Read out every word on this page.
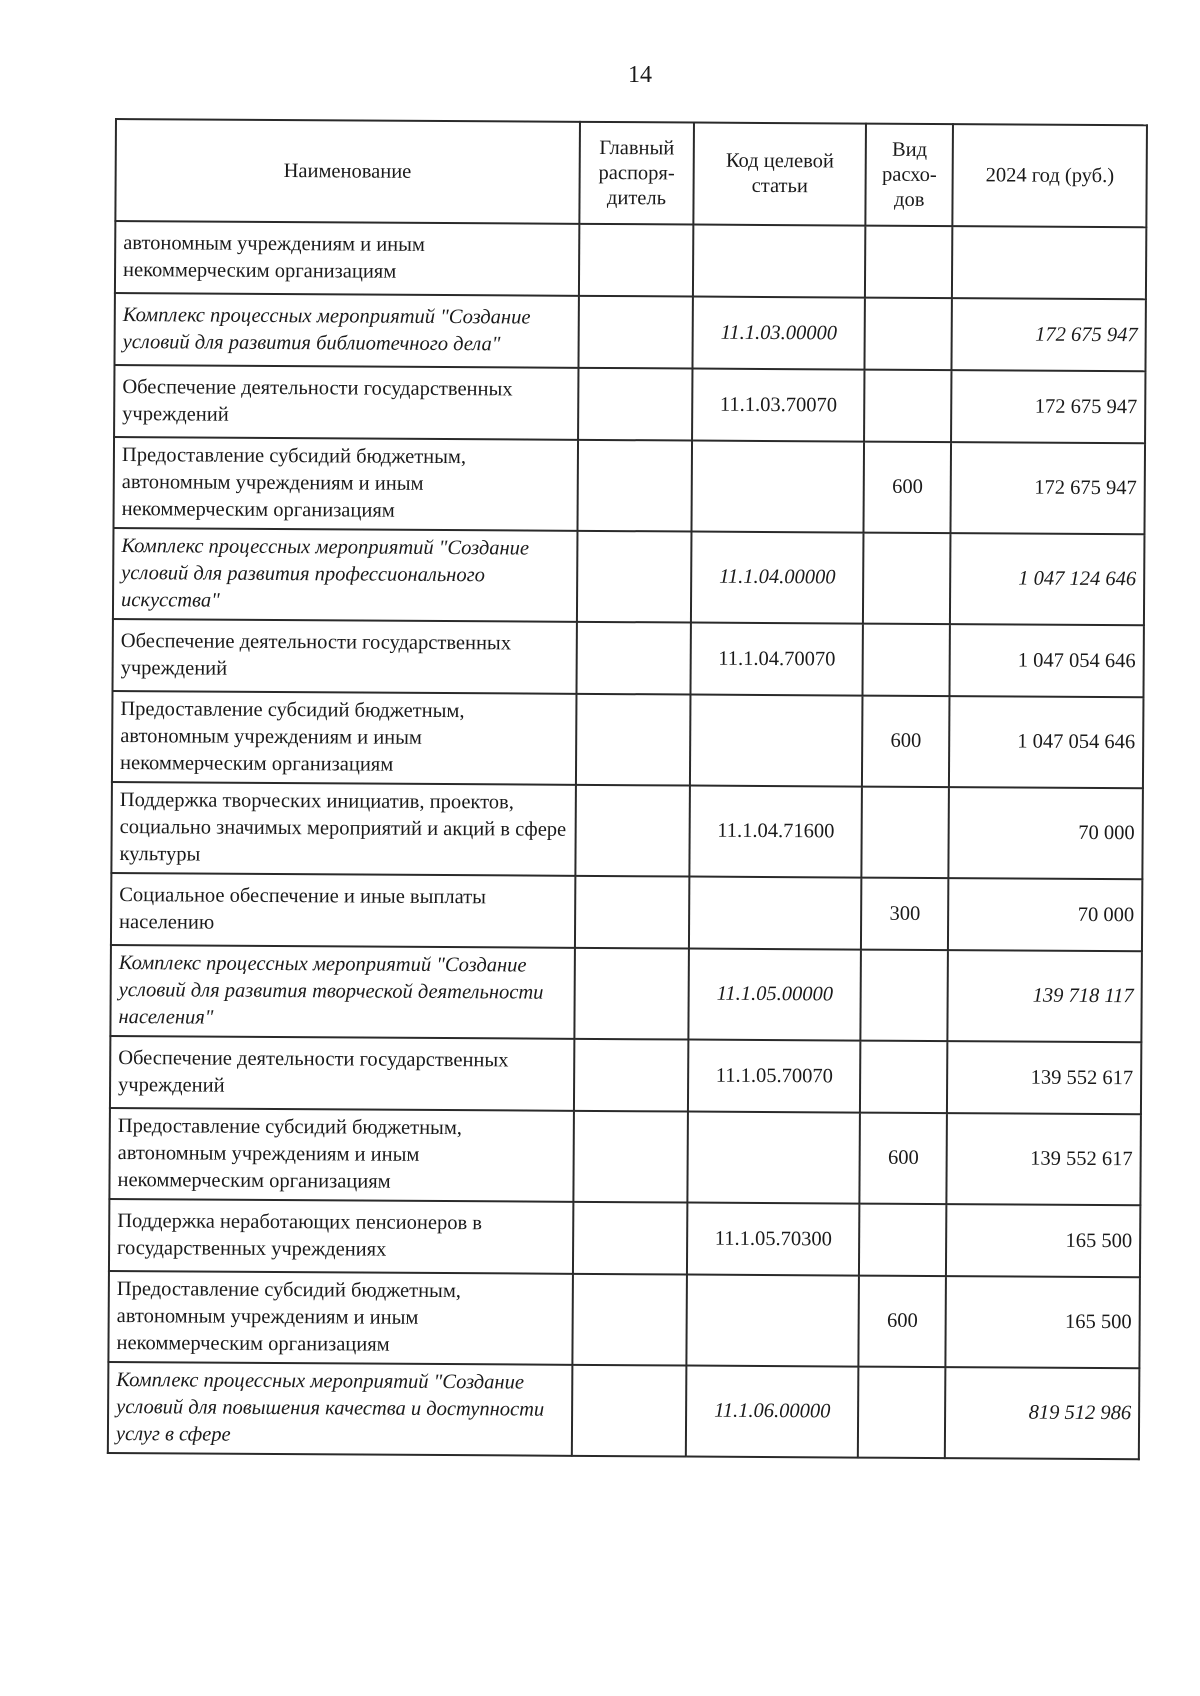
14
Наименование	Главный распоря-дитель	Код целевой статьи	Вид расхо-дов	2024 год (руб.)
автономным учреждениям и иным некоммерческим организациям				
Комплекс процессных мероприятий "Создание условий для развития библиотечного дела"		11.1.03.00000		172 675 947
Обеспечение деятельности государственных учреждений		11.1.03.70070		172 675 947
Предоставление субсидий бюджетным, автономным учреждениям и иным некоммерческим организациям			600	172 675 947
Комплекс процессных мероприятий "Создание условий для развития профессионального искусства"		11.1.04.00000		1 047 124 646
Обеспечение деятельности государственных учреждений		11.1.04.70070		1 047 054 646
Предоставление субсидий бюджетным, автономным учреждениям и иным некоммерческим организациям			600	1 047 054 646
Поддержка творческих инициатив, проектов, социально значимых мероприятий и акций в сфере культуры		11.1.04.71600		70 000
Социальное обеспечение и иные выплаты населению			300	70 000
Комплекс процессных мероприятий "Создание условий для развития творческой деятельности населения"		11.1.05.00000		139 718 117
Обеспечение деятельности государственных учреждений		11.1.05.70070		139 552 617
Предоставление субсидий бюджетным, автономным учреждениям и иным некоммерческим организациям			600	139 552 617
Поддержка неработающих пенсионеров в государственных учреждениях		11.1.05.70300		165 500
Предоставление субсидий бюджетным, автономным учреждениям и иным некоммерческим организациям			600	165 500
Комплекс процессных мероприятий "Создание условий для повышения качества и доступности услуг в сфере		11.1.06.00000		819 512 986
